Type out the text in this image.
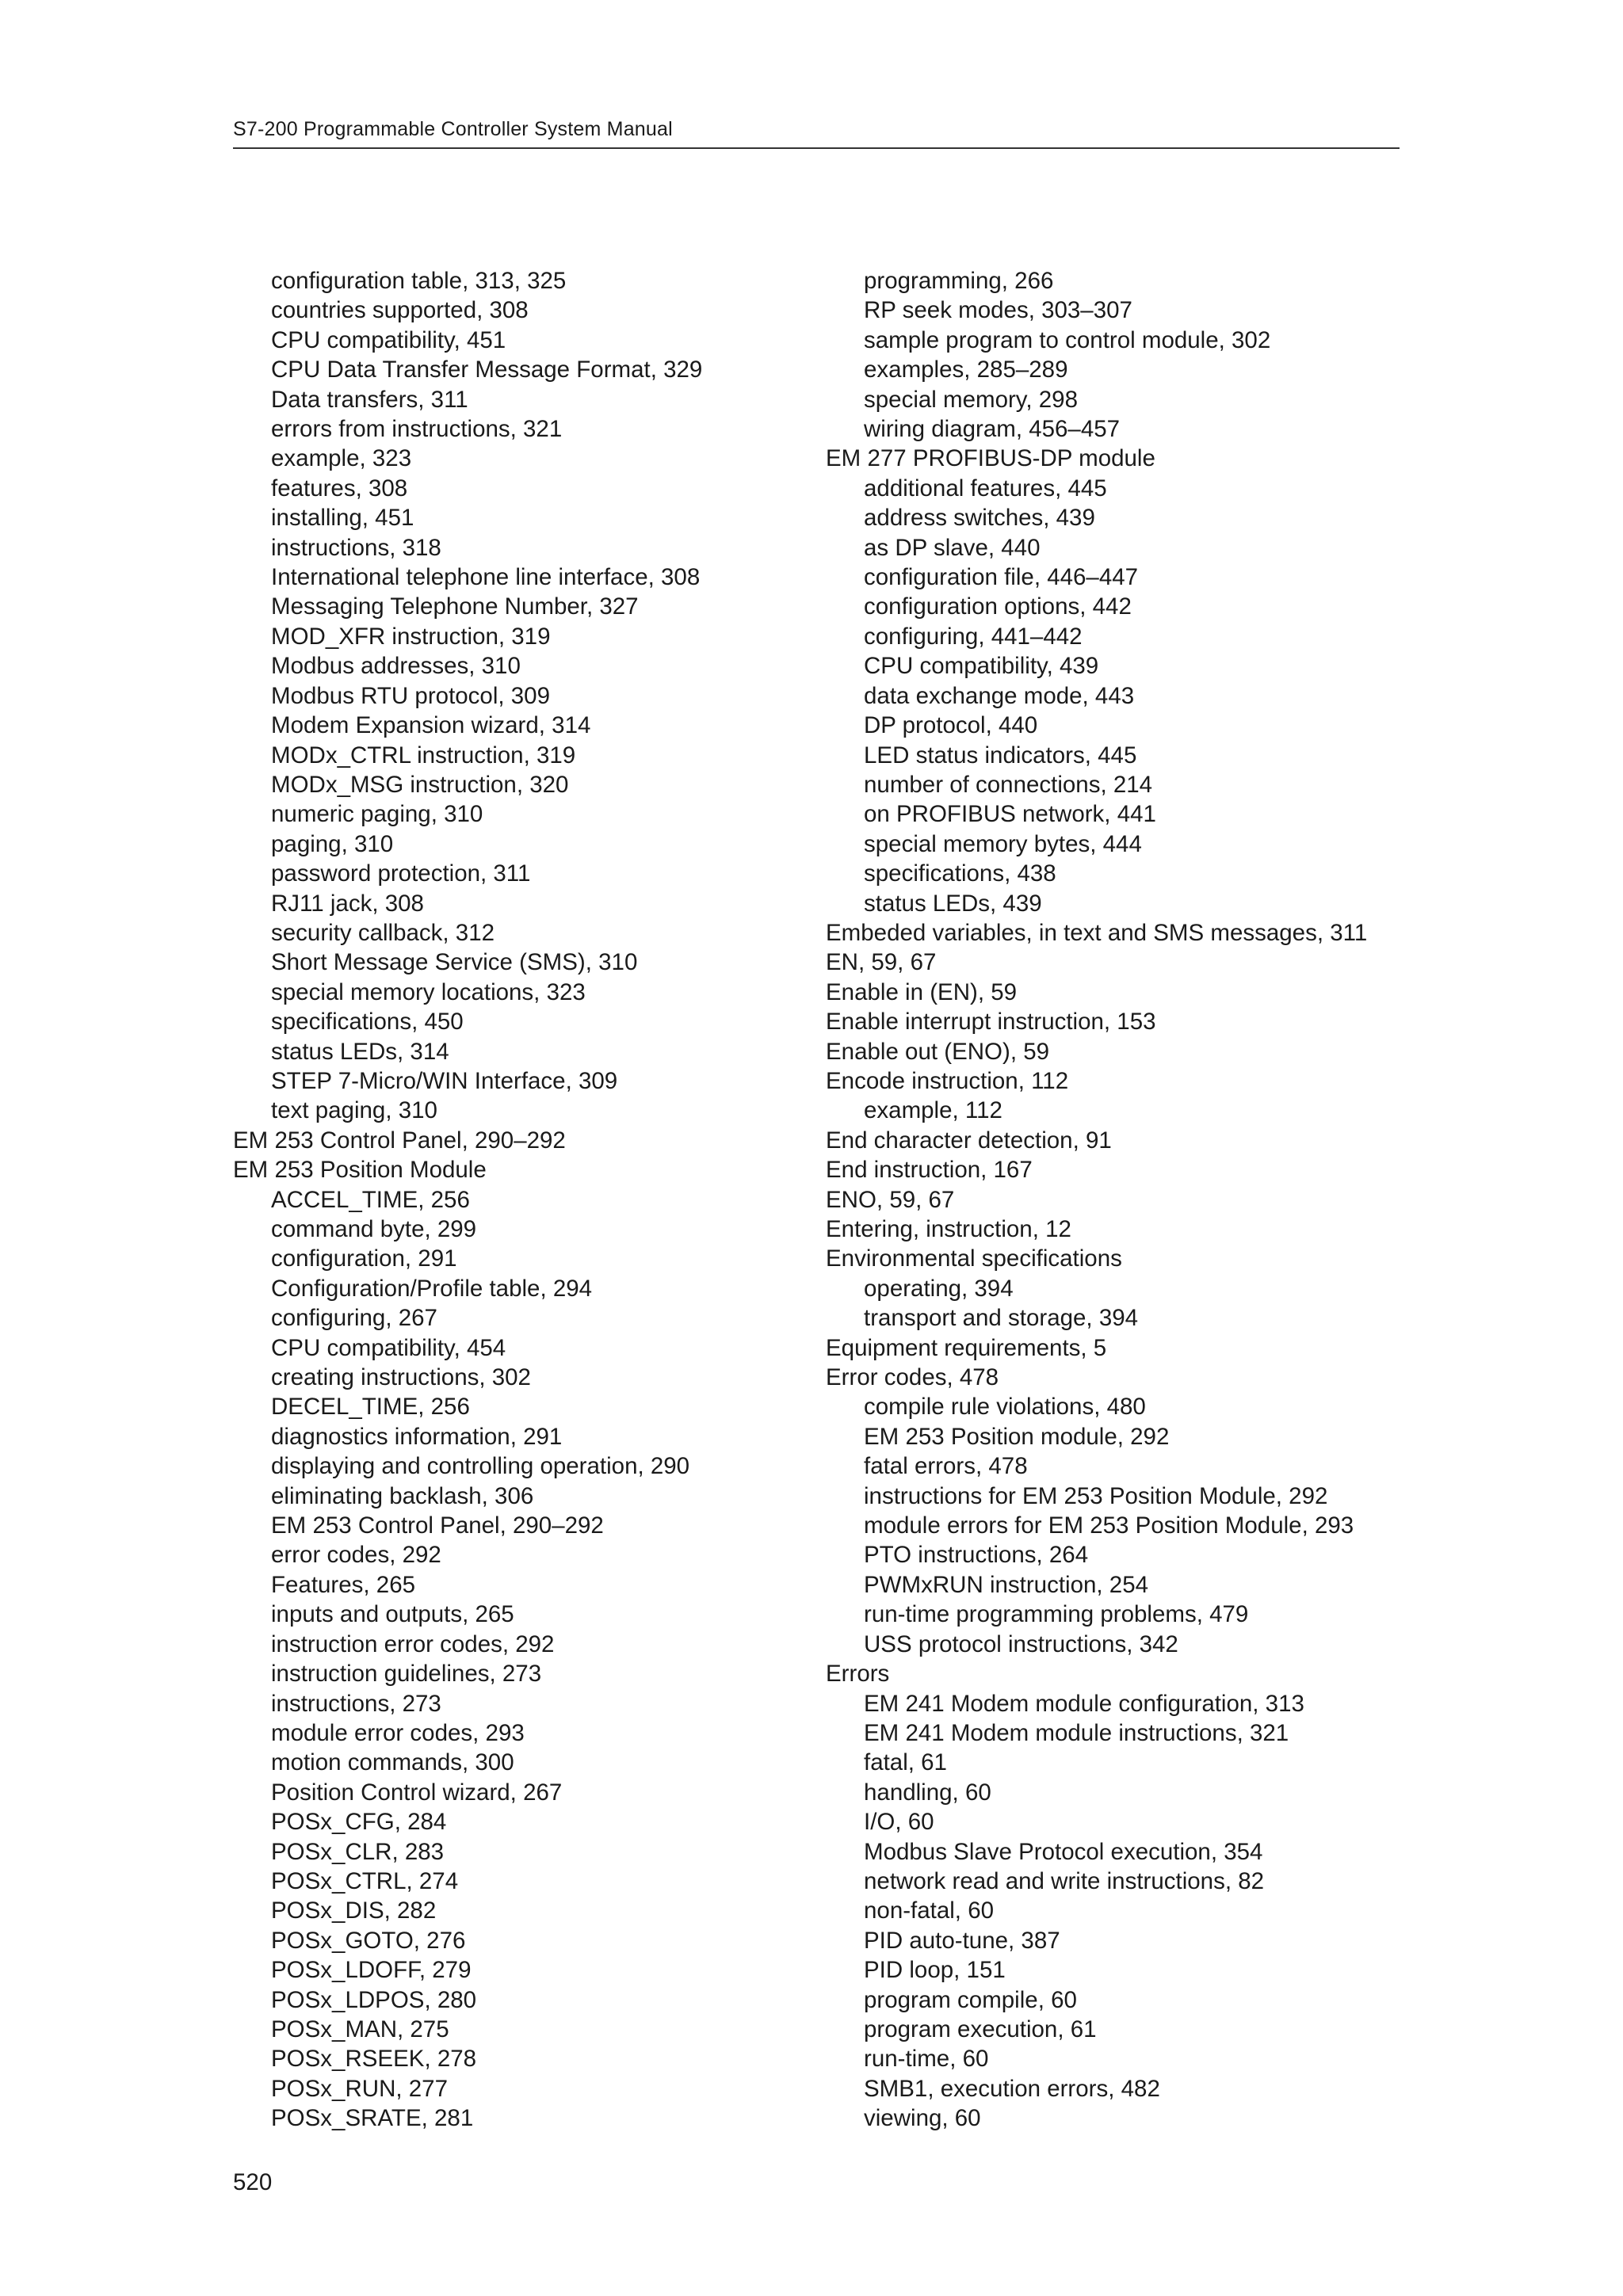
S7-200 Programmable Controller System Manual
configuration table, 313, 325
countries supported, 308
CPU compatibility, 451
CPU Data Transfer Message Format, 329
Data transfers, 311
errors from instructions, 321
example, 323
features, 308
installing, 451
instructions, 318
International telephone line interface, 308
Messaging Telephone Number, 327
MOD_XFR instruction, 319
Modbus addresses, 310
Modbus RTU protocol, 309
Modem Expansion wizard, 314
MODx_CTRL instruction, 319
MODx_MSG instruction, 320
numeric paging, 310
paging, 310
password protection, 311
RJ11 jack, 308
security callback, 312
Short Message Service (SMS), 310
special memory locations, 323
specifications, 450
status LEDs, 314
STEP 7-Micro/WIN Interface, 309
text paging, 310
EM 253 Control Panel, 290–292
EM 253 Position Module
ACCEL_TIME, 256
command byte, 299
configuration, 291
Configuration/Profile table, 294
configuring, 267
CPU compatibility, 454
creating instructions, 302
DECEL_TIME, 256
diagnostics information, 291
displaying and controlling operation, 290
eliminating backlash, 306
EM 253 Control Panel, 290–292
error codes, 292
Features, 265
inputs and outputs, 265
instruction error codes, 292
instruction guidelines, 273
instructions, 273
module error codes, 293
motion commands, 300
Position Control wizard, 267
POSx_CFG, 284
POSx_CLR, 283
POSx_CTRL, 274
POSx_DIS, 282
POSx_GOTO, 276
POSx_LDOFF, 279
POSx_LDPOS, 280
POSx_MAN, 275
POSx_RSEEK, 278
POSx_RUN, 277
POSx_SRATE, 281
programming, 266
RP seek modes, 303–307
sample program to control module, 302
examples, 285–289
special memory, 298
wiring diagram, 456–457
EM 277 PROFIBUS-DP module
additional features, 445
address switches, 439
as DP slave, 440
configuration file, 446–447
configuration options, 442
configuring, 441–442
CPU compatibility, 439
data exchange mode, 443
DP protocol, 440
LED status indicators, 445
number of connections, 214
on PROFIBUS network, 441
special memory bytes, 444
specifications, 438
status LEDs, 439
Embeded variables, in text and SMS messages, 311
EN, 59, 67
Enable in (EN), 59
Enable interrupt instruction, 153
Enable out (ENO), 59
Encode instruction, 112
example, 112
End character detection, 91
End instruction, 167
ENO, 59, 67
Entering, instruction, 12
Environmental specifications
operating, 394
transport and storage, 394
Equipment requirements, 5
Error codes, 478
compile rule violations, 480
EM 253 Position module, 292
fatal errors, 478
instructions for EM 253 Position Module, 292
module errors for EM 253 Position Module, 293
PTO instructions, 264
PWMxRUN instruction, 254
run-time programming problems, 479
USS protocol instructions, 342
Errors
EM 241 Modem module configuration, 313
EM 241 Modem module instructions, 321
fatal, 61
handling, 60
I/O, 60
Modbus Slave Protocol execution, 354
network read and write instructions, 82
non-fatal, 60
PID auto-tune, 387
PID loop, 151
program compile, 60
program execution, 61
run-time, 60
SMB1, execution errors, 482
viewing, 60
520
